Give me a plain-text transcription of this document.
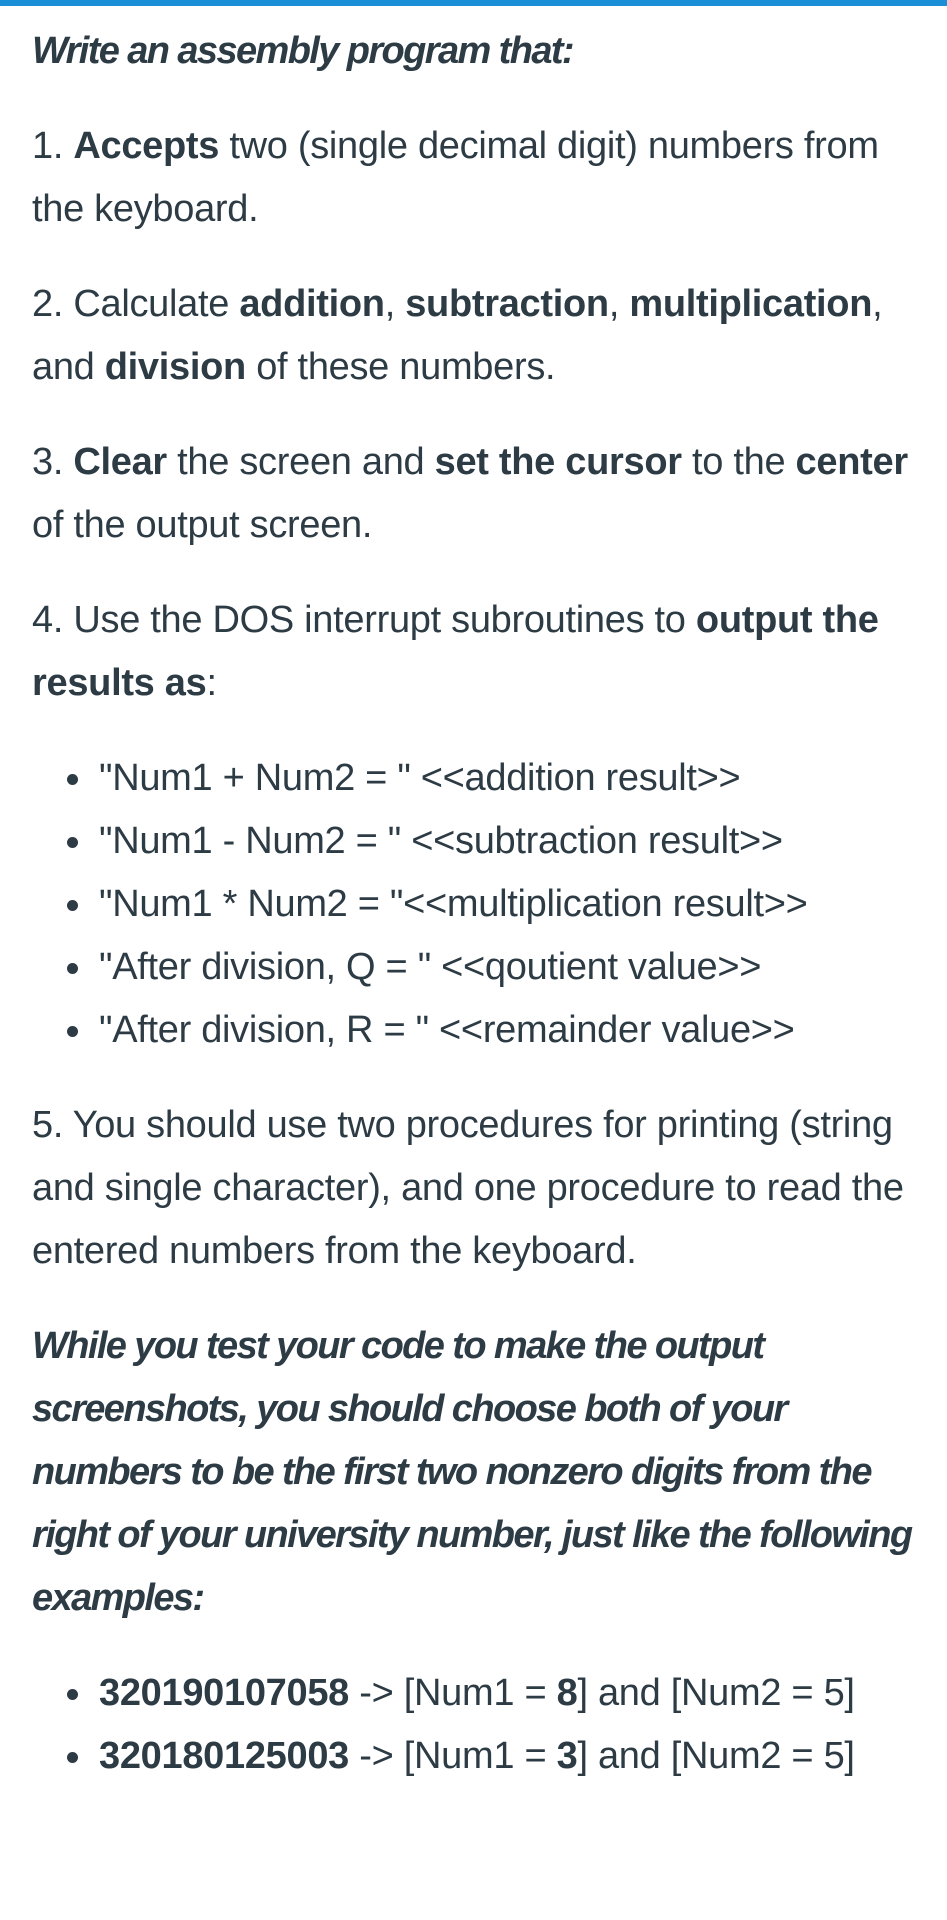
Write an assembly program that:

1. Accepts two (single decimal digit) numbers from the keyboard.

2. Calculate addition, subtraction, multiplication, and division of these numbers.

3. Clear the screen and set the cursor to the center of the output screen.

4. Use the DOS interrupt subroutines to output the results as:

"Num1 + Num2 = " <<addition result>>
"Num1 - Num2 = " <<subtraction result>>
"Num1 * Num2 = "<<multiplication result>>
"After division, Q = " <<qoutient value>>
"After division, R = " <<remainder value>>

5. You should use two procedures for printing (string and single character), and one procedure to read the entered numbers from the keyboard.

While you test your code to make the output screenshots, you should choose both of your numbers to be the first two nonzero digits from the right of your university number, just like the following examples:

320190107058 -> [Num1 = 8] and [Num2 = 5]
320180125003 -> [Num1 = 3] and [Num2 = 5]
